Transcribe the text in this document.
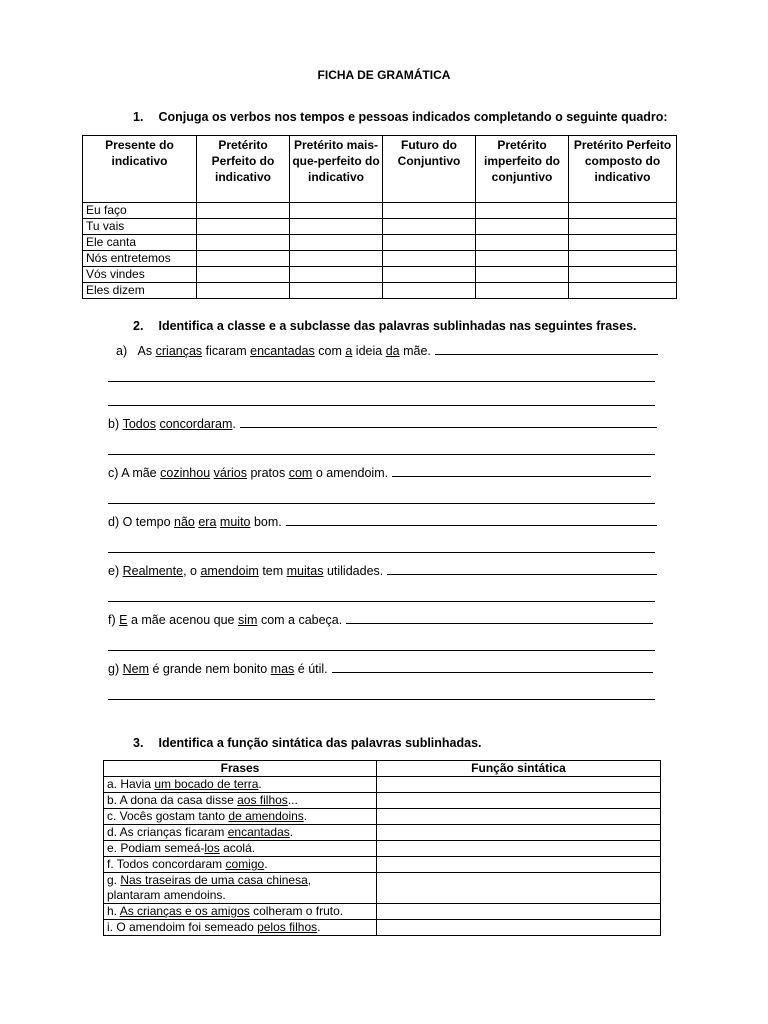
FICHA DE GRAMÁTICA
1. Conjuga os verbos nos tempos e pessoas indicados completando o seguinte quadro:
Presente do indicativo	Pretérito Perfeito do indicativo	Pretérito mais-que-perfeito do indicativo	Futuro do Conjuntivo	Pretérito imperfeito do conjuntivo	Pretérito Perfeito composto do indicativo
Eu faço					
Tu vais					
Ele canta					
Nós entretemos					
Vós vindes					
Eles dizem					
2. Identifica a classe e a subclasse das palavras sublinhadas nas seguintes frases.
a)
As
crianças
ficaram
encantadas
com
a
ideia
da
mãe.
b)
Todos
concordaram .
c) A mãe
cozinhou
vários
pratos
com
o amendoim.
d) O tempo
não
era
muito
bom.
e)
Realmente , o
amendoim
tem
muitas
utilidades.
f)
E
a mãe acenou que
sim
com a cabeça.
g)
Nem
é grande nem bonito
mas
é útil.
3. Identifica a função sintática das palavras sublinhadas.
Frases	Função sintática
a. Havia um bocado de terra.	
b. A dona da casa disse aos filhos...	
c. Vocês gostam tanto de amendoins.	
d. As crianças ficaram encantadas.	
e. Podiam semeá-los acolá.	
f. Todos concordaram comigo.	
g. Nas traseiras de uma casa chinesa,
plantaram amendoins.	
h. As crianças e os amigos colheram o fruto.	
i. O amendoim foi semeado pelos filhos.	
